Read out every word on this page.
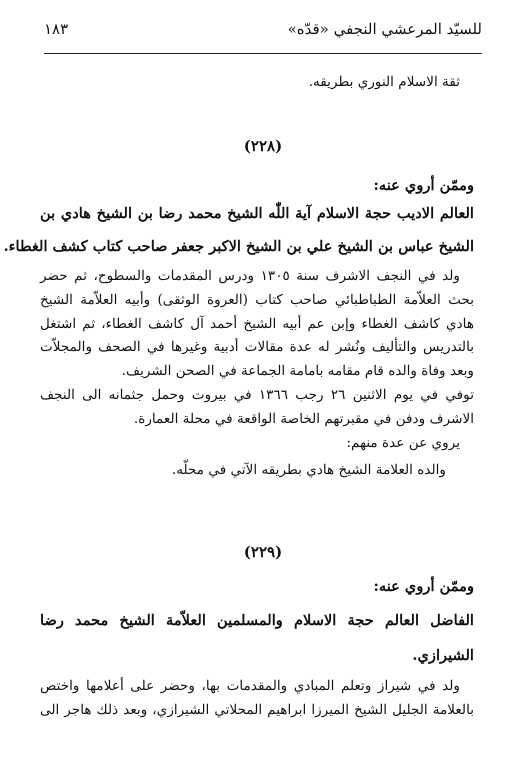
للسيّد المرعشي النجفي «قدّه»
١٨٣
ثقة الاسلام النوري بطريقه.
(٢٢٨)
وممّن أروي عنه:
العالم الاديب حجة الاسلام آية اللّٰه الشيخ محمد رضا بن الشيخ هادي بن
الشيخ عباس بن الشيخ علي بن الشيخ الاكبر جعفر صاحب كتاب كشف الغطاء.
ولد في النجف الاشرف سنة ١٣٠٥ ودرس المقدمات والسطوح، ثم حضر
بحث العلاّمة الطباطبائي صاحب كتاب (العروة الوثقى) وأبيه العلاّمة الشيخ
هادي كاشف الغطاء وإبن عم أبيه الشيخ أحمد آل كاشف الغطاء، ثم اشتغل
بالتدريس والتأليف ونُشر له عدة مقالات أدبية وغيرها في الصحف والمجلاّت
وبعد وفاة والده قام مقامه بامامة الجماعة في الصحن الشريف.
توفي في يوم الاثنين ٢٦ رجب ١٣٦٦ في بيروت وحمل جثمانه الى النجف
الاشرف ودفن في مقبرتهم الخاصة الواقعة في محلة العمارة.
يروي عن عدة منهم:
والده العلامة الشيخ هادي بطريقه الآتي في محلّه.
(٢٢٩)
وممّن أروي عنه:
الفاضل العالم حجة الاسلام والمسلمين العلاّمة الشيخ محمد رضا
الشيرازي.
ولد في شيراز وتعلم المبادي والمقدمات بها، وحضر على أعلامها واختص
بالعلامة الجليل الشيخ الميرزا ابراهيم المحلاتي الشيرازي، وبعد ذلك هاجر الى
